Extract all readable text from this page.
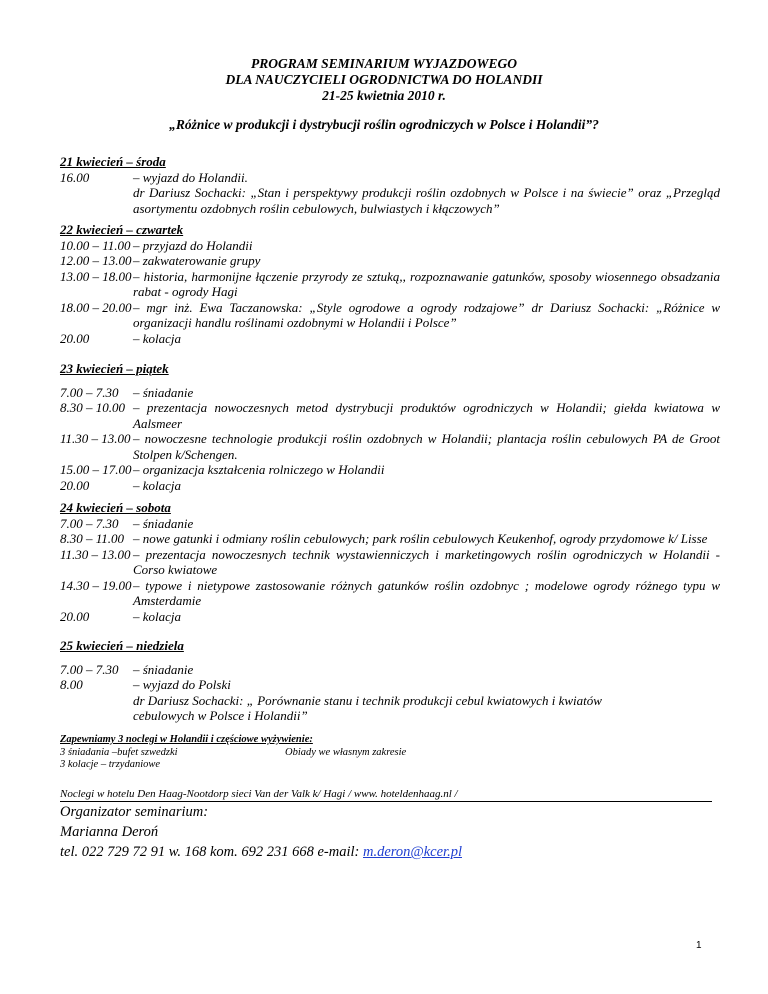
PROGRAM SEMINARIUM WYJAZDOWEGO
DLA NAUCZYCIELI OGRODNICTWA DO HOLANDII
21-25 kwietnia 2010 r.
„Różnice w produkcji i dystrybucji roślin ogrodniczych w Polsce i Holandii”?
21 kwiecień – środa
16.00	– wyjazd do Holandii.
dr Dariusz Sochacki: „Stan i perspektywy produkcji roślin ozdobnych w Polsce i na świecie” oraz „Przegląd asortymentu ozdobnych roślin cebulowych, bulwiastych i kłączowych”
22 kwiecień – czwartek
10.00 – 11.00 – przyjazd do Holandii
12.00 – 13.00 – zakwaterowanie grupy
13.00 – 18.00 – historia, harmonijne łączenie przyrody ze sztuką,, rozpoznawanie gatunków, sposoby wiosennego obsadzania rabat - ogrody Hagi
18.00 – 20.00 – mgr inż. Ewa Taczanowska: „Style ogrodowe a ogrody rodzajowe” dr Dariusz Sochacki: „Różnice w organizacji handlu roślinami ozdobnymi w Holandii i Polsce”
20.00	– kolacja
23 kwiecień – piątek
7.00 – 7.30	– śniadanie
8.30 – 10.00 – prezentacja nowoczesnych metod dystrybucji produktów ogrodniczych w Holandii; giełda kwiatowa w Aalsmeer
11.30 – 13.00 – nowoczesne technologie produkcji roślin ozdobnych w Holandii; plantacja roślin cebulowych PA de Groot Stolpen k/Schengen.
15.00 – 17.00 – organizacja kształcenia rolniczego w Holandii
20.00	– kolacja
24 kwiecień – sobota
7.00 – 7.30	– śniadanie
8.30 – 11.00 – nowe gatunki i odmiany roślin cebulowych; park roślin cebulowych Keukenhof, ogrody przydomowe k/ Lisse
11.30 – 13.00 – prezentacja nowoczesnych technik wystawienniczych i marketingowych roślin ogrodniczych w Holandii - Corso kwiatowe
14.30 – 19.00 – typowe i nietypowe zastosowanie różnych gatunków roślin ozdobnyc ; modelowe ogrody różnego typu w Amsterdamie
20.00	– kolacja
25 kwiecień – niedziela
7.00 – 7.30	– śniadanie
8.00	– wyjazd do Polski
dr Dariusz Sochacki: „ Porównanie stanu i technik produkcji cebul kwiatowych i kwiatów cebulowych w Polsce i Holandii”
Zapewniamy 3 noclegi w Holandii i częściowe wyżywienie:
3 śniadania –bufet szwedzki	Obiady we własnym zakresie
3 kolacje – trzydaniowe
Noclegi w hotelu Den Haag-Nootdorp sieci Van der Valk k/ Hagi / www. hoteldenhaag.nl /
Organizator seminarium:
Marianna Deroń
tel. 022 729 72 91 w. 168 kom. 692 231 668 e-mail: m.deron@kcer.pl
1
